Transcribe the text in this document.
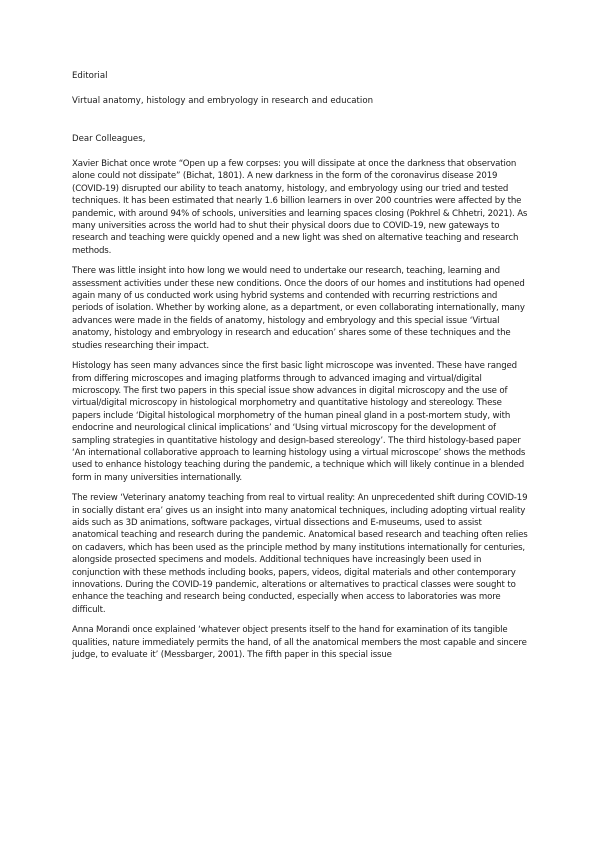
Editorial
Virtual anatomy, histology and embryology in research and education
Dear Colleagues,

Xavier Bichat once wrote “Open up a few corpses: you will dissipate at once the darkness that observation alone could not dissipate” (Bichat, 1801). A new darkness in the form of the coronavirus disease 2019 (COVID-19) disrupted our ability to teach anatomy, histology, and embryology using our tried and tested techniques. It has been estimated that nearly 1.6 billion learners in over 200 countries were affected by the pandemic, with around 94% of schools, universities and learning spaces closing (Pokhrel & Chhetri, 2021). As many universities across the world had to shut their physical doors due to COVID-19, new gateways to research and teaching were quickly opened and a new light was shed on alternative teaching and research methods.

There was little insight into how long we would need to undertake our research, teaching, learning and assessment activities under these new conditions. Once the doors of our homes and institutions had opened again many of us conducted work using hybrid systems and contended with recurring restrictions and periods of isolation. Whether by working alone, as a department, or even collaborating internationally, many advances were made in the fields of anatomy, histology and embryology and this special issue ‘Virtual anatomy, histology and embryology in research and education’ shares some of these techniques and the studies researching their impact.

Histology has seen many advances since the first basic light microscope was invented. These have ranged from differing microscopes and imaging platforms through to advanced imaging and virtual/digital microscopy. The first two papers in this special issue show advances in digital microscopy and the use of virtual/digital microscopy in histological morphometry and quantitative histology and stereology. These papers include ‘Digital histological morphometry of the human pineal gland in a post-mortem study, with endocrine and neurological clinical implications’ and ‘Using virtual microscopy for the development of sampling strategies in quantitative histology and design-based stereology’. The third histology-based paper ‘An international collaborative approach to learning histology using a virtual microscope’ shows the methods used to enhance histology teaching during the pandemic, a technique which will likely continue in a blended form in many universities internationally.

The review ‘Veterinary anatomy teaching from real to virtual reality: An unprecedented shift during COVID-19 in socially distant era’ gives us an insight into many anatomical techniques, including adopting virtual reality aids such as 3D animations, software packages, virtual dissections and E-museums, used to assist anatomical teaching and research during the pandemic. Anatomical based research and teaching often relies on cadavers, which has been used as the principle method by many institutions internationally for centuries, alongside prosected specimens and models. Additional techniques have increasingly been used in conjunction with these methods including books, papers, videos, digital materials and other contemporary innovations. During the COVID-19 pandemic, alterations or alternatives to practical classes were sought to enhance the teaching and research being conducted, especially when access to laboratories was more difficult.

Anna Morandi once explained ‘whatever object presents itself to the hand for examination of its tangible qualities, nature immediately permits the hand, of all the anatomical members the most capable and sincere judge, to evaluate it’ (Messbarger, 2001). The fifth paper in this special issue
